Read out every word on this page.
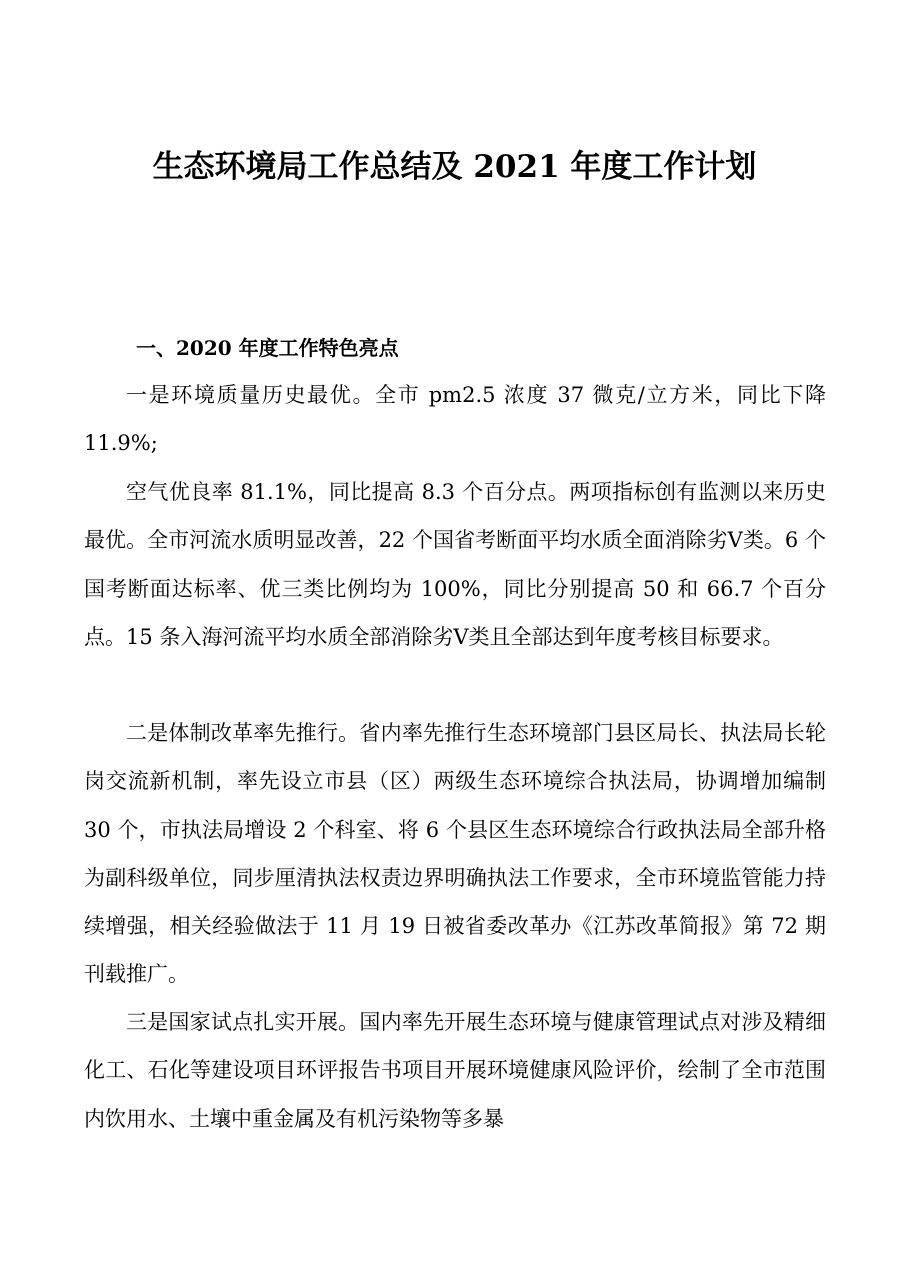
生态环境局工作总结及 2021 年度工作计划
一、2020 年度工作特色亮点

一是环境质量历史最优。全市 pm2.5 浓度 37 微克/立方米，同比下降 11.9%;

空气优良率 81.1%，同比提高 8.3 个百分点。两项指标创有监测以来历史最优。全市河流水质明显改善，22 个国省考断面平均水质全面消除劣Ⅴ类。6 个国考断面达标率、优三类比例均为 100%，同比分别提高 50 和 66.7 个百分点。15 条入海河流平均水质全部消除劣Ⅴ类且全部达到年度考核目标要求。

二是体制改革率先推行。省内率先推行生态环境部门县区局长、执法局长轮岗交流新机制，率先设立市县（区）两级生态环境综合执法局，协调增加编制 30 个，市执法局增设 2 个科室、将 6 个县区生态环境综合行政执法局全部升格为副科级单位，同步厘清执法权责边界明确执法工作要求，全市环境监管能力持续增强，相关经验做法于 11 月 19 日被省委改革办《江苏改革简报》第 72 期刊载推广。

三是国家试点扎实开展。国内率先开展生态环境与健康管理试点对涉及精细化工、石化等建设项目环评报告书项目开展环境健康风险评价，绘制了全市范围内饮用水、土壤中重金属及有机污染物等多暴
